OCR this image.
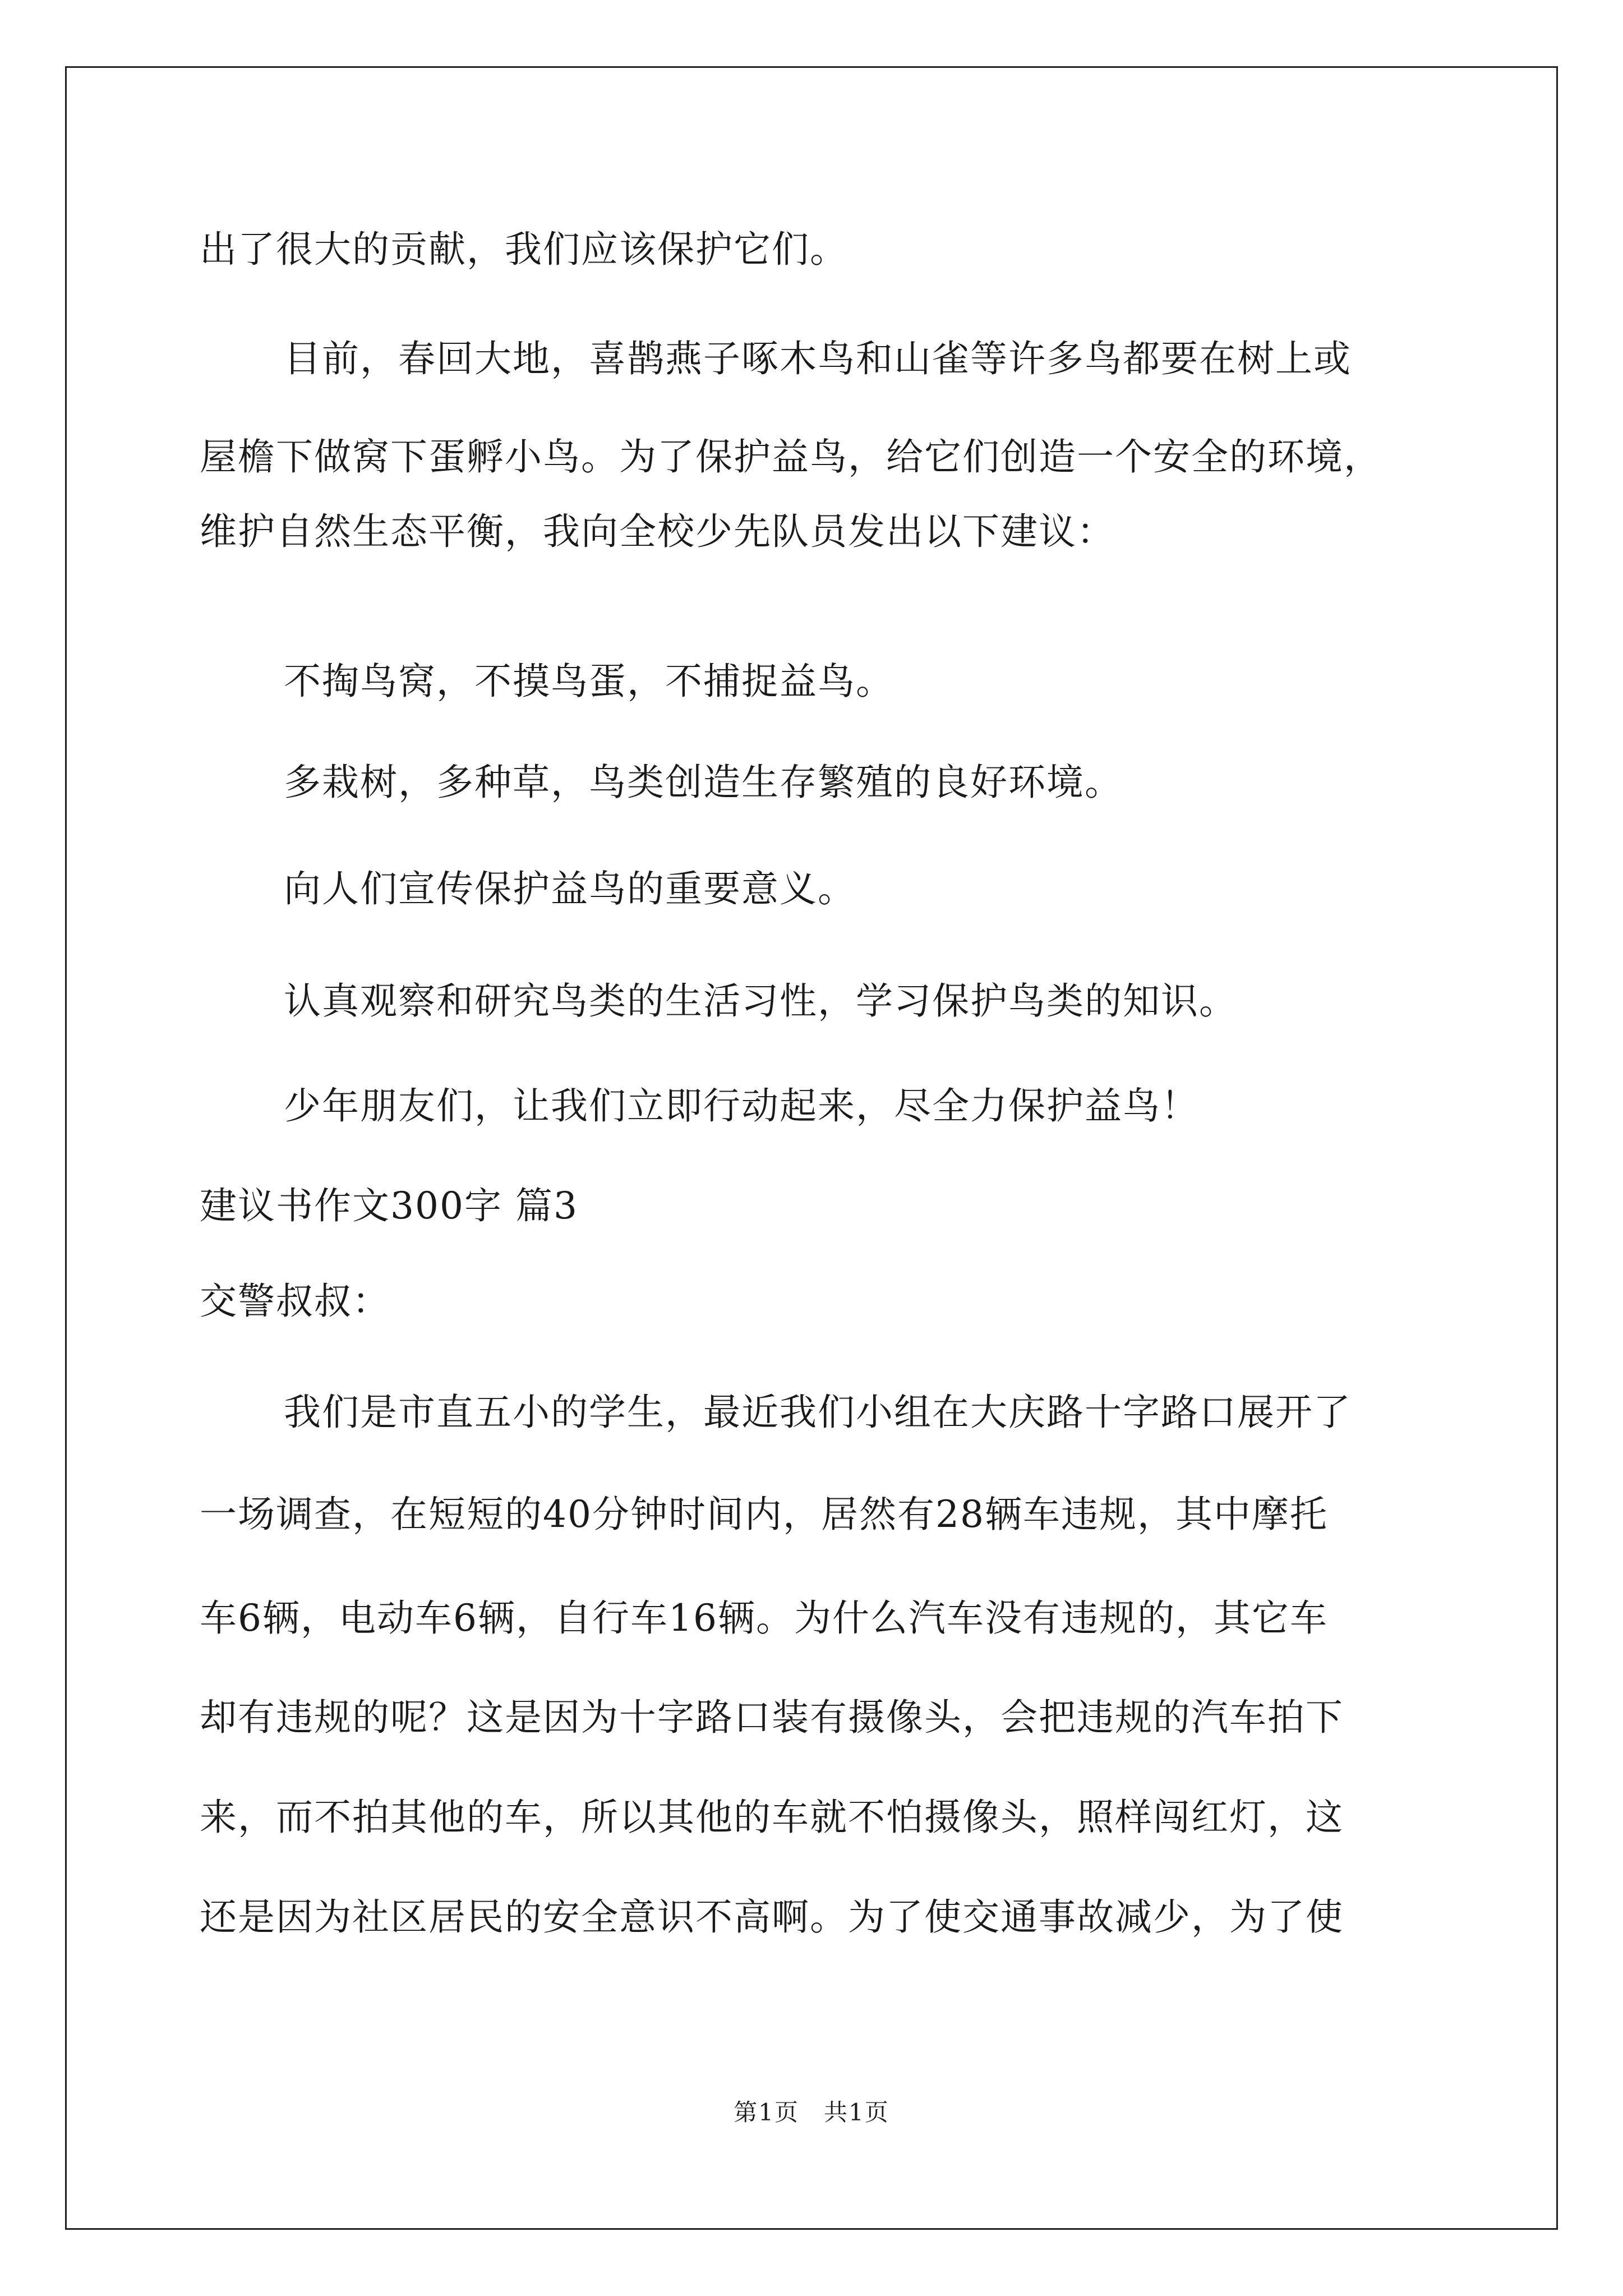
出了很大的贡献，我们应该保护它们。
目前，春回大地，喜鹊燕子啄木鸟和山雀等许多鸟都要在树上或
屋檐下做窝下蛋孵小鸟。为了保护益鸟，给它们创造一个安全的环境，
维护自然生态平衡，我向全校少先队员发出以下建议：
不掏鸟窝，不摸鸟蛋，不捕捉益鸟。
多栽树，多种草，鸟类创造生存繁殖的良好环境。
向人们宣传保护益鸟的重要意义。
认真观察和研究鸟类的生活习性，学习保护鸟类的知识。
少年朋友们，让我们立即行动起来，尽全力保护益鸟！
建议书作文300字 篇3
交警叔叔：
我们是市直五小的学生，最近我们小组在大庆路十字路口展开了
一场调查，在短短的40分钟时间内，居然有28辆车违规，其中摩托
车6辆，电动车6辆，自行车16辆。为什么汽车没有违规的，其它车
却有违规的呢？这是因为十字路口装有摄像头，会把违规的汽车拍下
来，而不拍其他的车，所以其他的车就不怕摄像头，照样闯红灯，这
还是因为社区居民的安全意识不高啊。为了使交通事故减少，为了使
第1页　共1页
